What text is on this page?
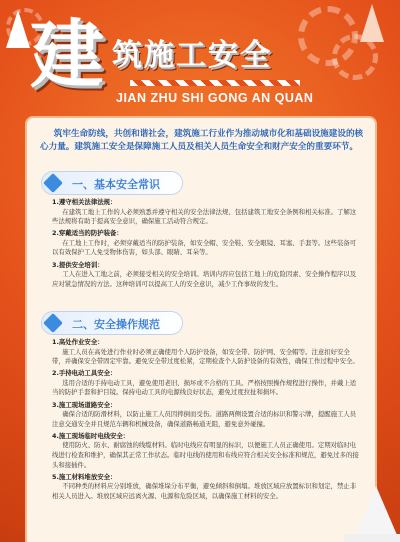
建 筑施工安全
JIAN ZHU SHI GONG AN QUAN

筑牢生命防线，共创和谐社会，建筑施工行业作为推动城市化和基础设施建设的核心力量。建筑施工安全是保障施工人员及相关人员生命安全和财产安全的重要环节。

一、基本安全常识

1.遵守相关法律法规：

在建筑工地上工作的人必须熟悉并遵守相关的安全法律法规、包括建筑工地安全条例和相关标准。了解这些法规将有助于提高安全意识，确保施工活动符合规定。

2.穿戴适当的防护装备：

在工地上工作时，必须穿戴适当的防护装备，如安全帽、安全鞋、安全眼镜、耳塞、手套等。这些装备可以有效保护工人免受物体伤害，如头部、眼睛、耳朵等。

3.提供安全培训：

工人在进入工地之前，必须接受相关的安全培训。培训内容应包括工地上的危险因素、安全操作程序以及应对紧急情况的方法。这种培训可以提高工人的安全意识，减少工作事故的发生。

二、安全操作规范

1.高处作业安全：

施工人员在高处进行作业时必须正确使用个人防护设备，如安全带、防护网、安全帽等。注意扣好安全带，并确保安全带固定牢靠。避免安全带过度松紧，定期检查个人防护设备的有效性，确保工作过程中安全。

2.手持电动工具安全：

选用合适的手持电动工具，避免使用老旧、损坏或不合格的工具。严格按照操作规程进行操作，并戴上适当的防护手套和护目镜。保持电动工具的电源线良好状态，避免过度拉扯和损坏。

3.施工现场道路安全：

确保合适的防滑材料，以防止施工人员因摔倒而受伤。道路两侧设置合适的标识和警示牌，提醒施工人员注意交通安全并且规范车辆和机械设备，确保道路畅通无阻，避免意外碰撞。

4.施工现场临时电线安全：

使用防火、防水、耐腐蚀的线缆材料。临时电线应有明显的标识，以便施工人员正确使用。定期对临时电线进行检查和维护，确保其正常工作状态。临时电线的使用和布线应符合相关安全标准和规范，避免过多的接头和接插件。

5.施工材料堆放安全：

不同种类的材料应分别堆放，确保堆垛分布平衡，避免倾斜和倒塌。堆放区域应放置标识和划定，禁止非相关人员进入。堆放区域应远离火源、电源和危险区域，以确保施工材料的安全。
